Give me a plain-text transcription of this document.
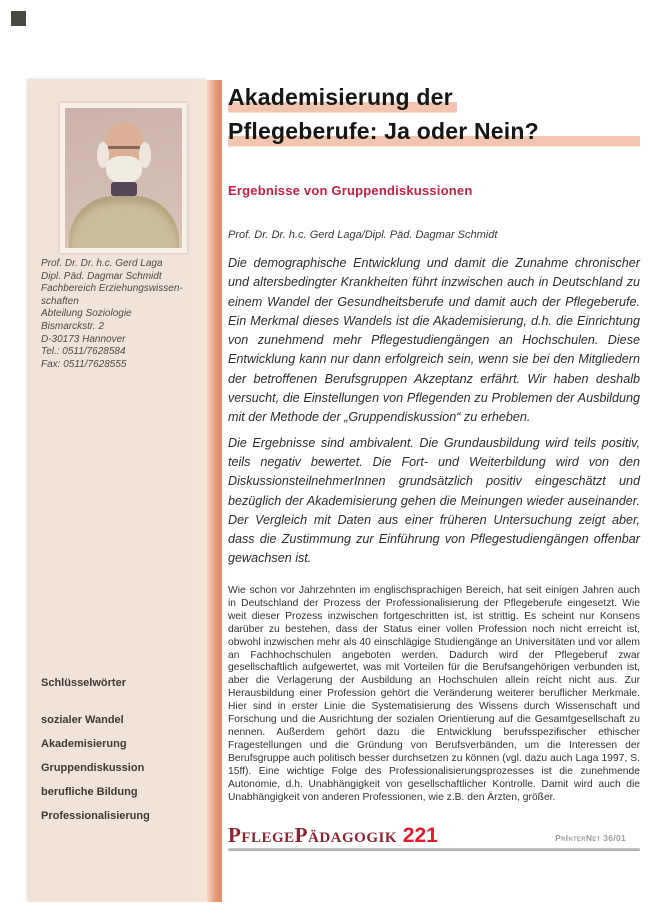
Prof. Dr. Dr. h.c. Gerd Laga
Dipl. Päd. Dagmar Schmidt
Fachbereich Erziehungswissen-
schaften
Abteilung Soziologie
Bismarckstr. 2
D-30173 Hannover
Tel.: 0511/7628584
Fax: 0511/7628555
Schlüsselwörter
sozialer Wandel
Akademisierung
Gruppendiskussion
berufliche Bildung
Professionalisierung
Akademisierung der
Pflegeberufe: Ja oder Nein?
Ergebnisse von Gruppendiskussionen
Prof. Dr. Dr. h.c. Gerd Laga/Dipl. Päd. Dagmar Schmidt

Die demographische Entwicklung und damit die Zunahme chronischer und altersbedingter Krankheiten führt inzwischen auch in Deutschland zu einem Wandel der Gesundheitsberufe und damit auch der Pflegeberufe. Ein Merkmal dieses Wandels ist die Akademisierung, d.h. die Einrichtung von zunehmend mehr Pflegestudiengängen an Hochschulen. Diese Entwicklung kann nur dann erfolgreich sein, wenn sie bei den Mitgliedern der betroffenen Berufsgruppen Akzeptanz erfährt. Wir haben deshalb versucht, die Einstellungen von Pflegenden zu Problemen der Ausbildung mit der Methode der „Gruppendiskussion“ zu erheben.

Die Ergebnisse sind ambivalent. Die Grundausbildung wird teils positiv, teils negativ bewertet. Die Fort- und Weiterbildung wird von den DiskussionsteilnehmerInnen grundsätzlich positiv eingeschätzt und bezüglich der Akademisierung gehen die Meinungen wieder auseinander. Der Vergleich mit Daten aus einer früheren Untersuchung zeigt aber, dass die Zustimmung zur Einführung von Pflegestudiengängen offenbar gewachsen ist.

Wie schon vor Jahrzehnten im englischsprachigen Bereich, hat seit einigen Jahren auch in Deutschland der Prozess der Professionalisierung der Pflegeberufe eingesetzt. Wie weit dieser Prozess inzwischen fortgeschritten ist, ist strittig. Es scheint nur Konsens darüber zu bestehen, dass der Status einer vollen Profession noch nicht erreicht ist, obwohl inzwischen mehr als 40 einschlägige Studiengänge an Universitäten und vor allem an Fachhochschulen angeboten werden. Dadurch wird der Pflegeberuf zwar gesellschaftlich aufgewertet, was mit Vorteilen für die Berufsangehörigen verbunden ist, aber die Verlagerung der Ausbildung an Hochschulen allein reicht nicht aus. Zur Herausbildung einer Profession gehört die Veränderung weiterer beruflicher Merkmale. Hier sind in erster Linie die Systematisierung des Wissens durch Wissenschaft und Forschung und die Ausrichtung der sozialen Orientierung auf die Gesamtgesellschaft zu nennen. Außerdem gehört dazu die Entwicklung berufsspezifischer ethischer Fragestellungen und die Gründung von Berufsverbänden, um die Interessen der Berufsgruppe auch politisch besser durchsetzen zu können (vgl. dazu auch Laga 1997, S. 15ff). Eine wichtige Folge des Professionalisierungsprozesses ist die zunehmende Autonomie, d.h. Unabhängigkeit von gesellschaftlicher Kontrolle. Damit wird auch die Unabhängigkeit von anderen Professionen, wie z.B. den Ärzten, größer.
PflegePädagogik 221	PrInterNet 36/01
